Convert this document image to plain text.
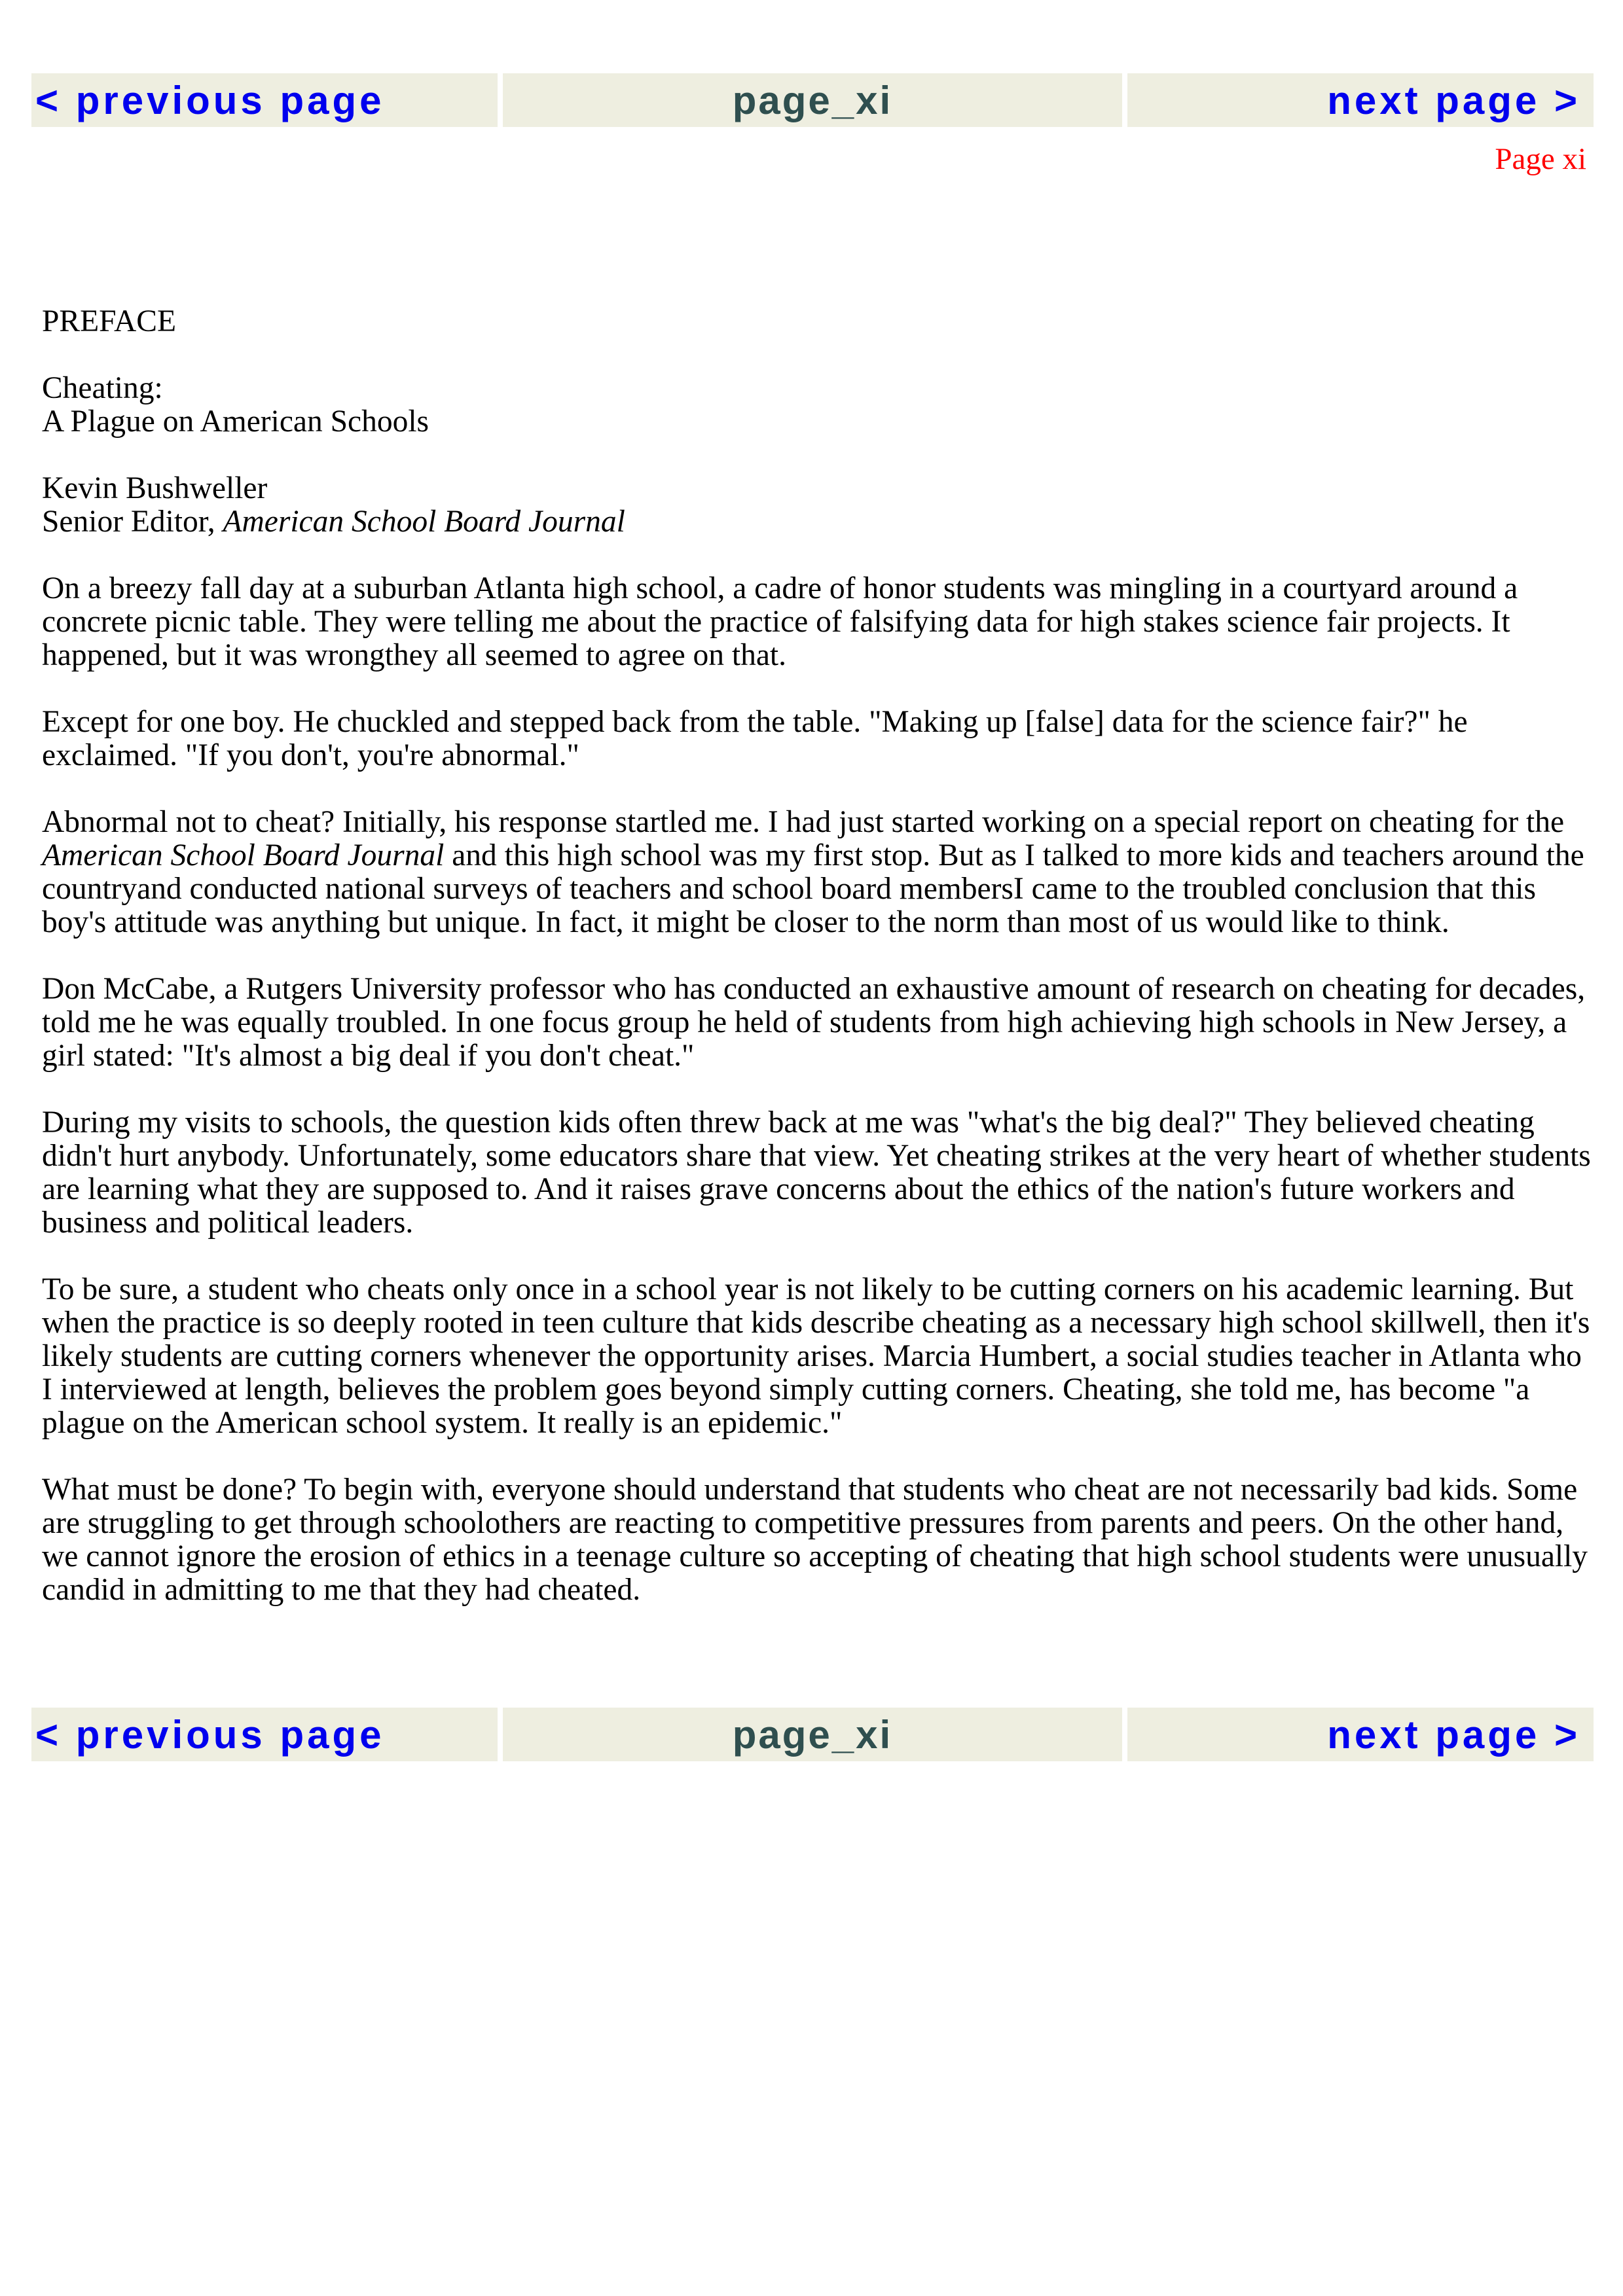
< previous page	page_xi	next page >
Page xi

PREFACE

Cheating:
A Plague on American Schools

Kevin Bushweller
Senior Editor, American School Board Journal

On a breezy fall day at a suburban Atlanta high school, a cadre of honor students was mingling in a courtyard around a concrete picnic table. They were telling me about the practice of falsifying data for high stakes science fair projects. It happened, but it was wrongthey all seemed to agree on that.

Except for one boy. He chuckled and stepped back from the table. "Making up [false] data for the science fair?" he exclaimed. "If you don't, you're abnormal."

Abnormal not to cheat? Initially, his response startled me. I had just started working on a special report on cheating for the American School Board Journal and this high school was my first stop. But as I talked to more kids and teachers around the countryand conducted national surveys of teachers and school board membersI came to the troubled conclusion that this boy's attitude was anything but unique. In fact, it might be closer to the norm than most of us would like to think.

Don McCabe, a Rutgers University professor who has conducted an exhaustive amount of research on cheating for decades, told me he was equally troubled. In one focus group he held of students from high achieving high schools in New Jersey, a girl stated: "It's almost a big deal if you don't cheat."

During my visits to schools, the question kids often threw back at me was "what's the big deal?" They believed cheating didn't hurt anybody. Unfortunately, some educators share that view. Yet cheating strikes at the very heart of whether students are learning what they are supposed to. And it raises grave concerns about the ethics of the nation's future workers and business and political leaders.

To be sure, a student who cheats only once in a school year is not likely to be cutting corners on his academic learning. But when the practice is so deeply rooted in teen culture that kids describe cheating as a necessary high school skillwell, then it's likely students are cutting corners whenever the opportunity arises. Marcia Humbert, a social studies teacher in Atlanta who I interviewed at length, believes the problem goes beyond simply cutting corners. Cheating, she told me, has become "a plague on the American school system. It really is an epidemic."

What must be done? To begin with, everyone should understand that students who cheat are not necessarily bad kids. Some are struggling to get through schoolothers are reacting to competitive pressures from parents and peers. On the other hand, we cannot ignore the erosion of ethics in a teenage culture so accepting of cheating that high school students were unusually candid in admitting to me that they had cheated.

< previous page	page_xi	next page >
